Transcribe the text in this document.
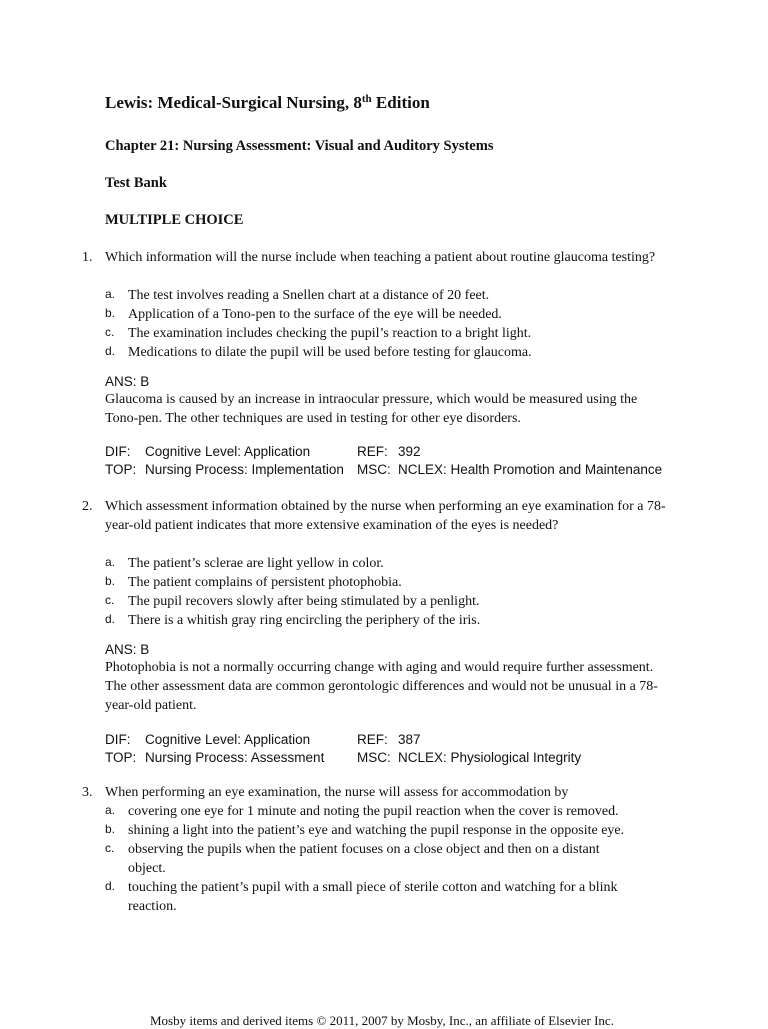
Lewis: Medical-Surgical Nursing, 8th Edition
Chapter 21: Nursing Assessment: Visual and Auditory Systems
Test Bank
MULTIPLE CHOICE
1. Which information will the nurse include when teaching a patient about routine glaucoma testing?
a. The test involves reading a Snellen chart at a distance of 20 feet.
b. Application of a Tono-pen to the surface of the eye will be needed.
c. The examination includes checking the pupil’s reaction to a bright light.
d. Medications to dilate the pupil will be used before testing for glaucoma.
ANS: B
Glaucoma is caused by an increase in intraocular pressure, which would be measured using the Tono-pen. The other techniques are used in testing for other eye disorders.
DIF: Cognitive Level: Application	REF: 392
TOP: Nursing Process: Implementation MSC: NCLEX: Health Promotion and Maintenance
2. Which assessment information obtained by the nurse when performing an eye examination for a 78-year-old patient indicates that more extensive examination of the eyes is needed?
a. The patient’s sclerae are light yellow in color.
b. The patient complains of persistent photophobia.
c. The pupil recovers slowly after being stimulated by a penlight.
d. There is a whitish gray ring encircling the periphery of the iris.
ANS: B
Photophobia is not a normally occurring change with aging and would require further assessment. The other assessment data are common gerontologic differences and would not be unusual in a 78-year-old patient.
DIF: Cognitive Level: Application	REF: 387
TOP: Nursing Process: Assessment MSC: NCLEX: Physiological Integrity
3. When performing an eye examination, the nurse will assess for accommodation by
a. covering one eye for 1 minute and noting the pupil reaction when the cover is removed.
b. shining a light into the patient’s eye and watching the pupil response in the opposite eye.
c. observing the pupils when the patient focuses on a close object and then on a distant object.
d. touching the patient’s pupil with a small piece of sterile cotton and watching for a blink reaction.
Mosby items and derived items © 2011, 2007 by Mosby, Inc., an affiliate of Elsevier Inc.
